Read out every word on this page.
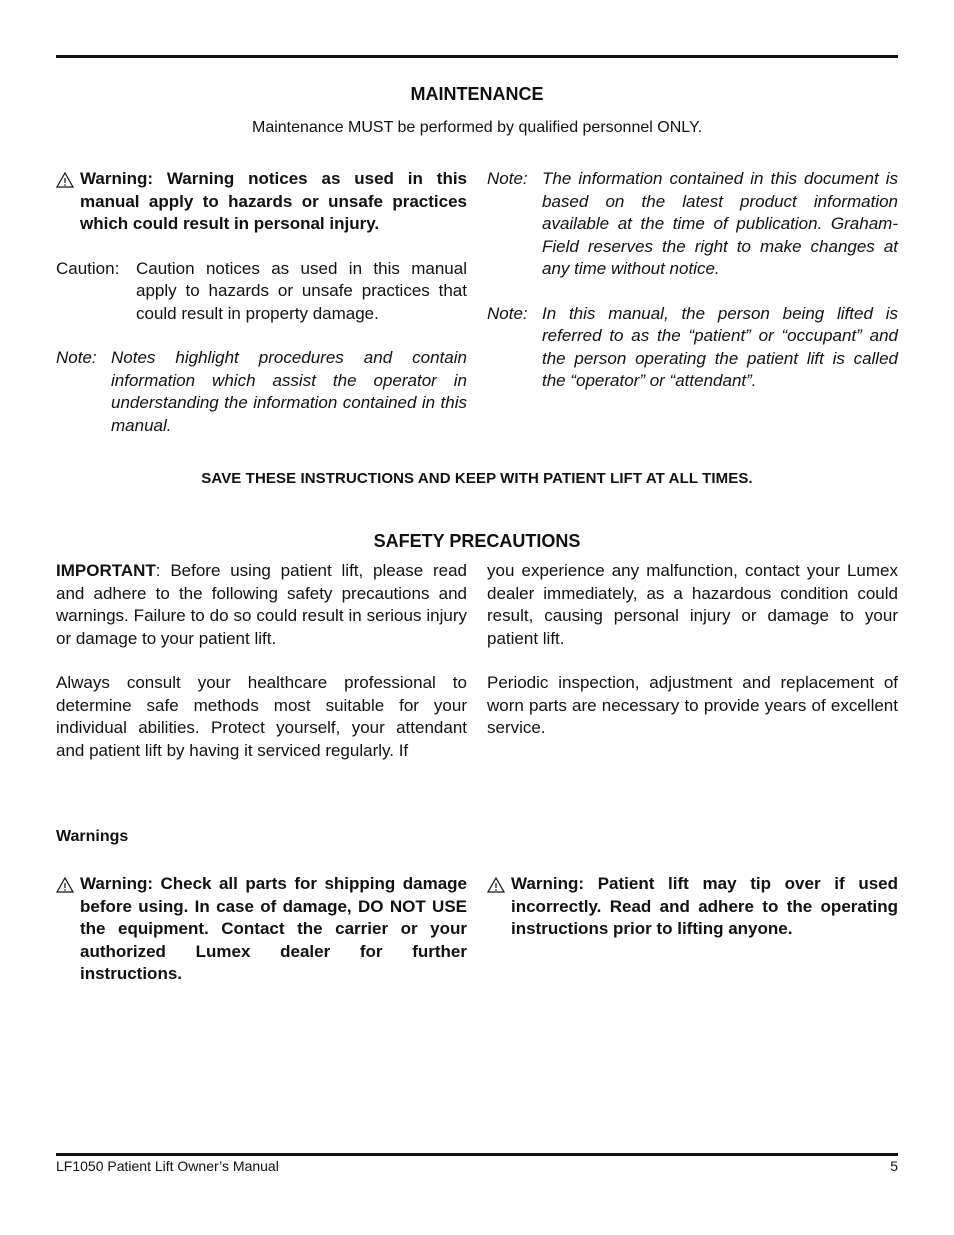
MAINTENANCE

Maintenance MUST be performed by qualified personnel ONLY.

Warning: Warning notices as used in this manual apply to hazards or unsafe practices which could result in personal injury.
Caution: Caution notices as used in this manual apply to hazards or unsafe practices that could result in property damage.
Note: Notes highlight procedures and contain information which assist the operator in understanding the information contained in this manual.
Note: The information contained in this document is based on the latest product information available at the time of publication. Graham-Field reserves the right to make changes at any time without notice.
Note: In this manual, the person being lifted is referred to as the “patient” or “occupant” and the person operating the patient lift is called the “operator” or “attendant”.

SAVE THESE INSTRUCTIONS AND KEEP WITH PATIENT LIFT AT ALL TIMES.

SAFETY PRECAUTIONS

IMPORTANT: Before using patient lift, please read and adhere to the following safety precautions and warnings. Failure to do so could result in serious injury or damage to your patient lift.

Always consult your healthcare professional to determine safe methods most suitable for your individual abilities. Protect yourself, your attendant and patient lift by having it serviced regularly. If

you experience any malfunction, contact your Lumex dealer immediately, as a hazardous condition could result, causing personal injury or damage to your patient lift.

Periodic inspection, adjustment and replacement of worn parts are necessary to provide years of excellent service.

Warnings

Warning: Check all parts for shipping damage before using. In case of damage, DO NOT USE the equipment. Contact the carrier or your authorized Lumex dealer for further instructions.
Warning: Patient lift may tip over if used incorrectly. Read and adhere to the operating instructions prior to lifting anyone.
LF1050 Patient Lift Owner’s Manual	5
